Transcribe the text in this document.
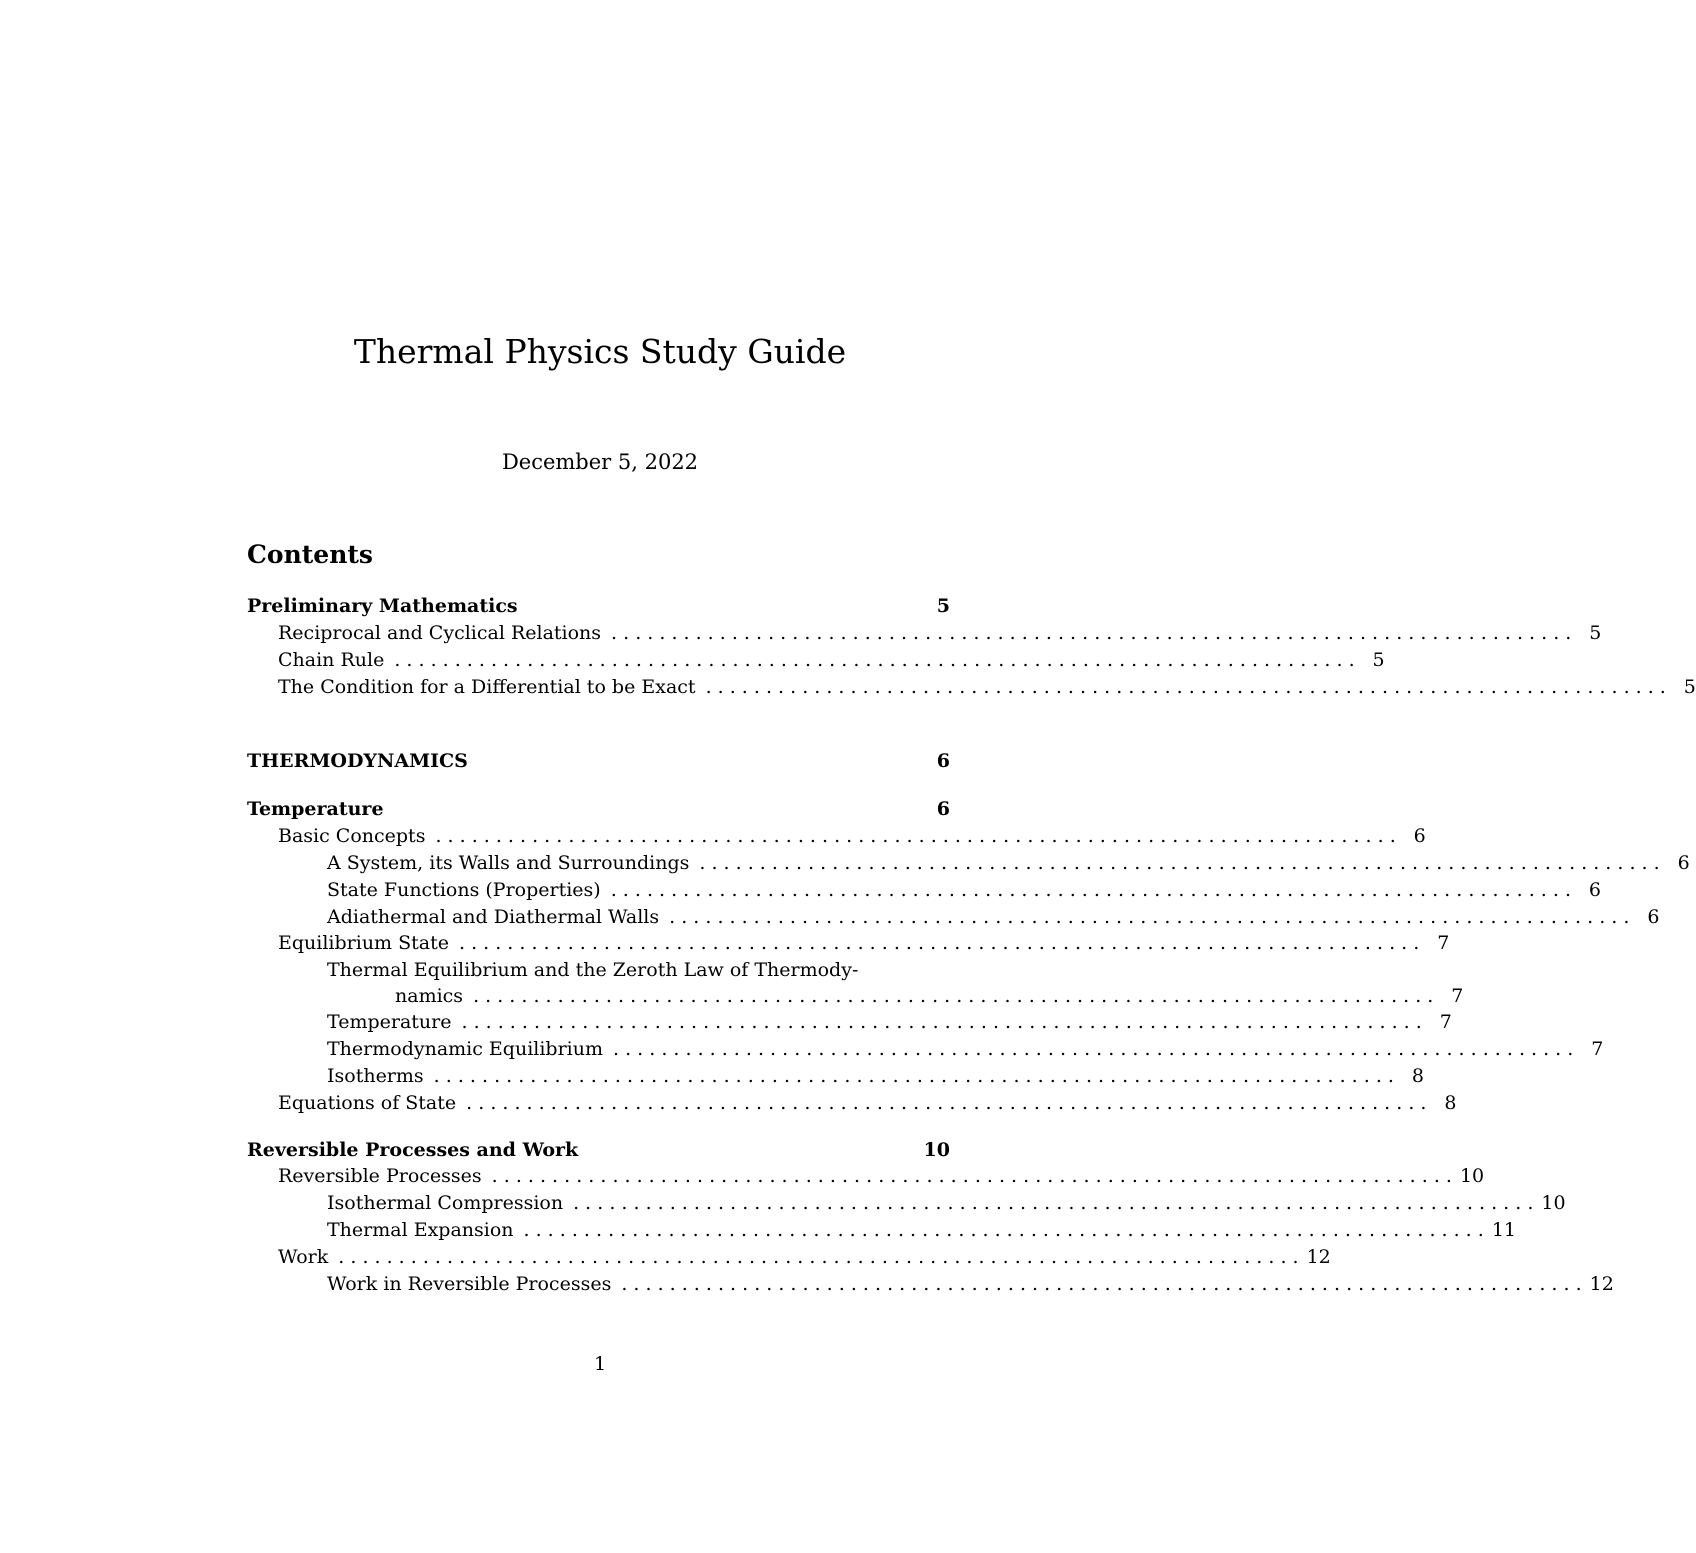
Thermal Physics Study Guide
December 5, 2022
Contents
Preliminary Mathematics	5
Reciprocal and Cyclical Relations . . . . . . . . . . . . . . . . . . . . . . . . . . . . . . . . . . . . . . . . . . . . . . . . . . . . . . . . . . . . . . . . . . . . . . . . . . . . . . . . 5
Chain Rule . . . . . . . . . . . . . . . . . . . . . . . . . . . . . . . . . . . . . . . . . . . . . . . . . . . . . . . . . . . . . . . . . . . . . . . . . . . . . . . . 5
The Condition for a Differential to be Exact . . . . . . . . . . . . . . . . . . . . . . . . . . . . . . . . . . . . . . . . . . . . . . . . . . . . . . . . . . . . . . . . . . . . . . . . . . . . . . . . 5
THERMODYNAMICS	6
Temperature	6
Basic Concepts . . . . . . . . . . . . . . . . . . . . . . . . . . . . . . . . . . . . . . . . . . . . . . . . . . . . . . . . . . . . . . . . . . . . . . . . . . . . . . . . 6
A System, its Walls and Surroundings . . . . . . . . . . . . . . . . . . . . . . . . . . . . . . . . . . . . . . . . . . . . . . . . . . . . . . . . . . . . . . . . . . . . . . . . . . . . . . . . 6
State Functions (Properties) . . . . . . . . . . . . . . . . . . . . . . . . . . . . . . . . . . . . . . . . . . . . . . . . . . . . . . . . . . . . . . . . . . . . . . . . . . . . . . . . 6
Adiathermal and Diathermal Walls . . . . . . . . . . . . . . . . . . . . . . . . . . . . . . . . . . . . . . . . . . . . . . . . . . . . . . . . . . . . . . . . . . . . . . . . . . . . . . . . 6
Equilibrium State . . . . . . . . . . . . . . . . . . . . . . . . . . . . . . . . . . . . . . . . . . . . . . . . . . . . . . . . . . . . . . . . . . . . . . . . . . . . . . . . 7
Thermal Equilibrium and the Zeroth Law of Thermody-
namics . . . . . . . . . . . . . . . . . . . . . . . . . . . . . . . . . . . . . . . . . . . . . . . . . . . . . . . . . . . . . . . . . . . . . . . . . . . . . . . . 7
Temperature . . . . . . . . . . . . . . . . . . . . . . . . . . . . . . . . . . . . . . . . . . . . . . . . . . . . . . . . . . . . . . . . . . . . . . . . . . . . . . . . 7
Thermodynamic Equilibrium . . . . . . . . . . . . . . . . . . . . . . . . . . . . . . . . . . . . . . . . . . . . . . . . . . . . . . . . . . . . . . . . . . . . . . . . . . . . . . . . 7
Isotherms . . . . . . . . . . . . . . . . . . . . . . . . . . . . . . . . . . . . . . . . . . . . . . . . . . . . . . . . . . . . . . . . . . . . . . . . . . . . . . . . 8
Equations of State . . . . . . . . . . . . . . . . . . . . . . . . . . . . . . . . . . . . . . . . . . . . . . . . . . . . . . . . . . . . . . . . . . . . . . . . . . . . . . . . 8
Reversible Processes and Work	10
Reversible Processes . . . . . . . . . . . . . . . . . . . . . . . . . . . . . . . . . . . . . . . . . . . . . . . . . . . . . . . . . . . . . . . . . . . . . . . . . . . . . . . . 10
Isothermal Compression . . . . . . . . . . . . . . . . . . . . . . . . . . . . . . . . . . . . . . . . . . . . . . . . . . . . . . . . . . . . . . . . . . . . . . . . . . . . . . . . 10
Thermal Expansion . . . . . . . . . . . . . . . . . . . . . . . . . . . . . . . . . . . . . . . . . . . . . . . . . . . . . . . . . . . . . . . . . . . . . . . . . . . . . . . . 11
Work . . . . . . . . . . . . . . . . . . . . . . . . . . . . . . . . . . . . . . . . . . . . . . . . . . . . . . . . . . . . . . . . . . . . . . . . . . . . . . . . 12
Work in Reversible Processes . . . . . . . . . . . . . . . . . . . . . . . . . . . . . . . . . . . . . . . . . . . . . . . . . . . . . . . . . . . . . . . . . . . . . . . . . . . . . . . . 12
1
